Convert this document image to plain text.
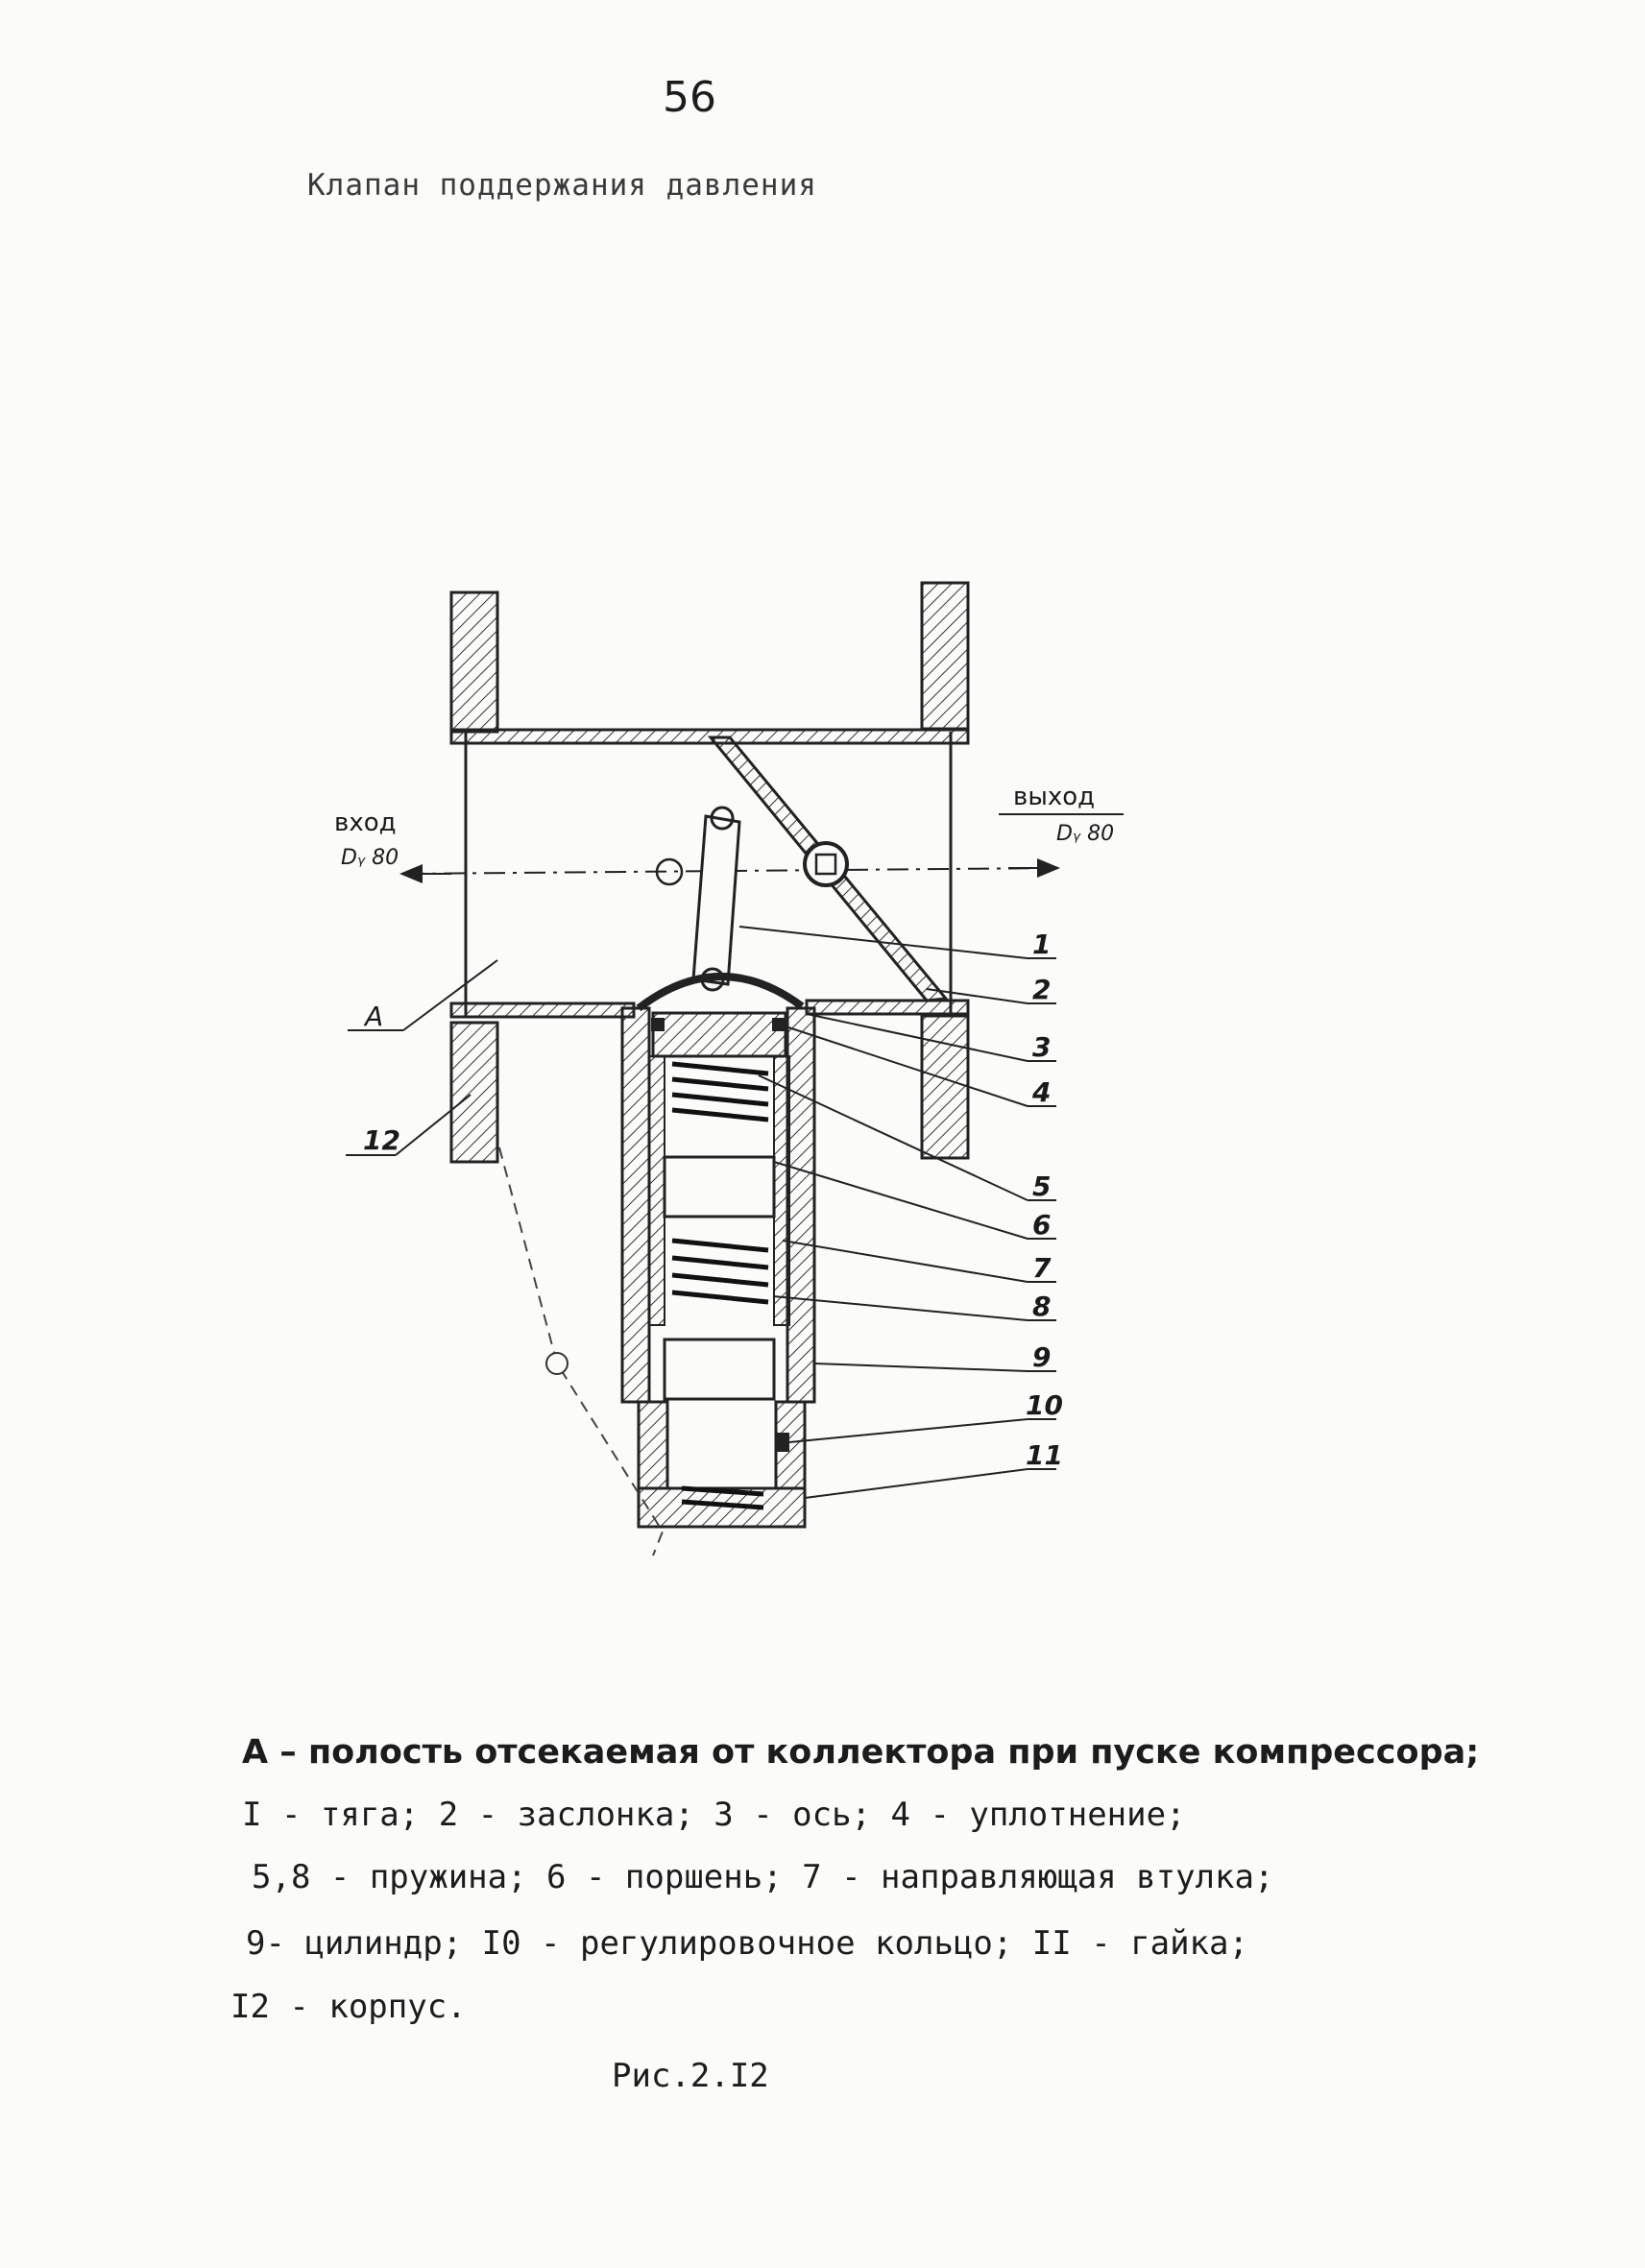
56
Клапан поддержания давления
вход
Dᵧ 80
выход
Dᵧ 80
А
12
1
2
3
4
5
6
7
8
9
10
11
А – полость отсекаемая от коллектора при пуске компрессора;
I - тяга; 2 - заслонка; 3 - ось; 4 - уплотнение;
5,8 - пружина; 6 - поршень; 7 - направляющая втулка;
9- цилиндр; I0 - регулировочное кольцо; II - гайка;
I2 - корпус.
Рис.2.I2
